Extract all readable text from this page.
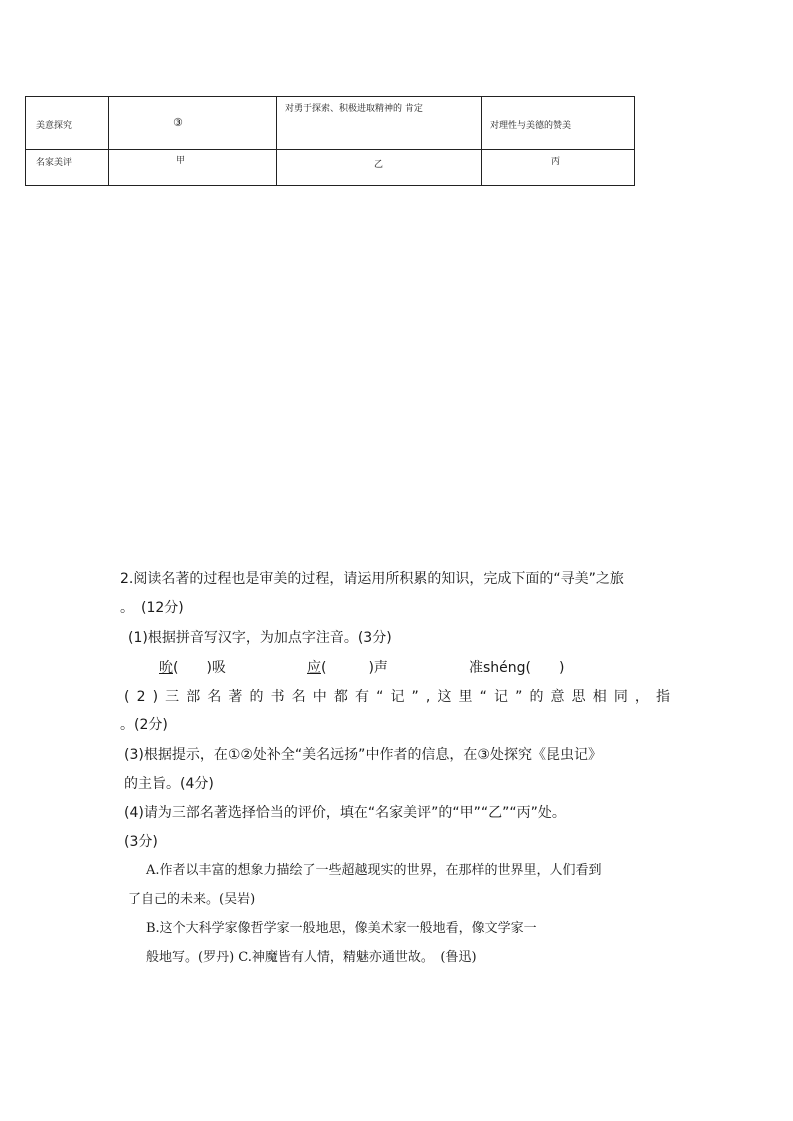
美意探究	③	对勇于探索、积极进取精神的 肯定	对理性与美德的赞美

名家美评	甲	乙	丙
2.阅读名著的过程也是审美的过程，请运用所积累的知识，完成下面的“寻美”之旅
。　(12分)
(1)根据拼音写汉字，为加点字注音。(3分)
吮(　　)吸	应(　　　)声	准shéng(　　)
( 2 ) 三 部 名 著 的 书 名 中 都 有 “ 记 ” , 这 里 “ 记 ” 的 意 思 相 同 ， 指
。(2分)
(3)根据提示，在①②处补全“美名远扬”中作者的信息，在③处探究《昆虫记》
的主旨。(4分)
(4)请为三部名著选择恰当的评价，填在“名家美评”的“甲”“乙”“丙”处。
(3分)
A.作者以丰富的想象力描绘了一些超越现实的世界，在那样的世界里，人们看到
了自己的未来。(吴岩)
B.这个大科学家像哲学家一般地思，像美术家一般地看，像文学家一
般地写。(罗丹) C.神魔皆有人情，精魅亦通世故。　(鲁迅)
